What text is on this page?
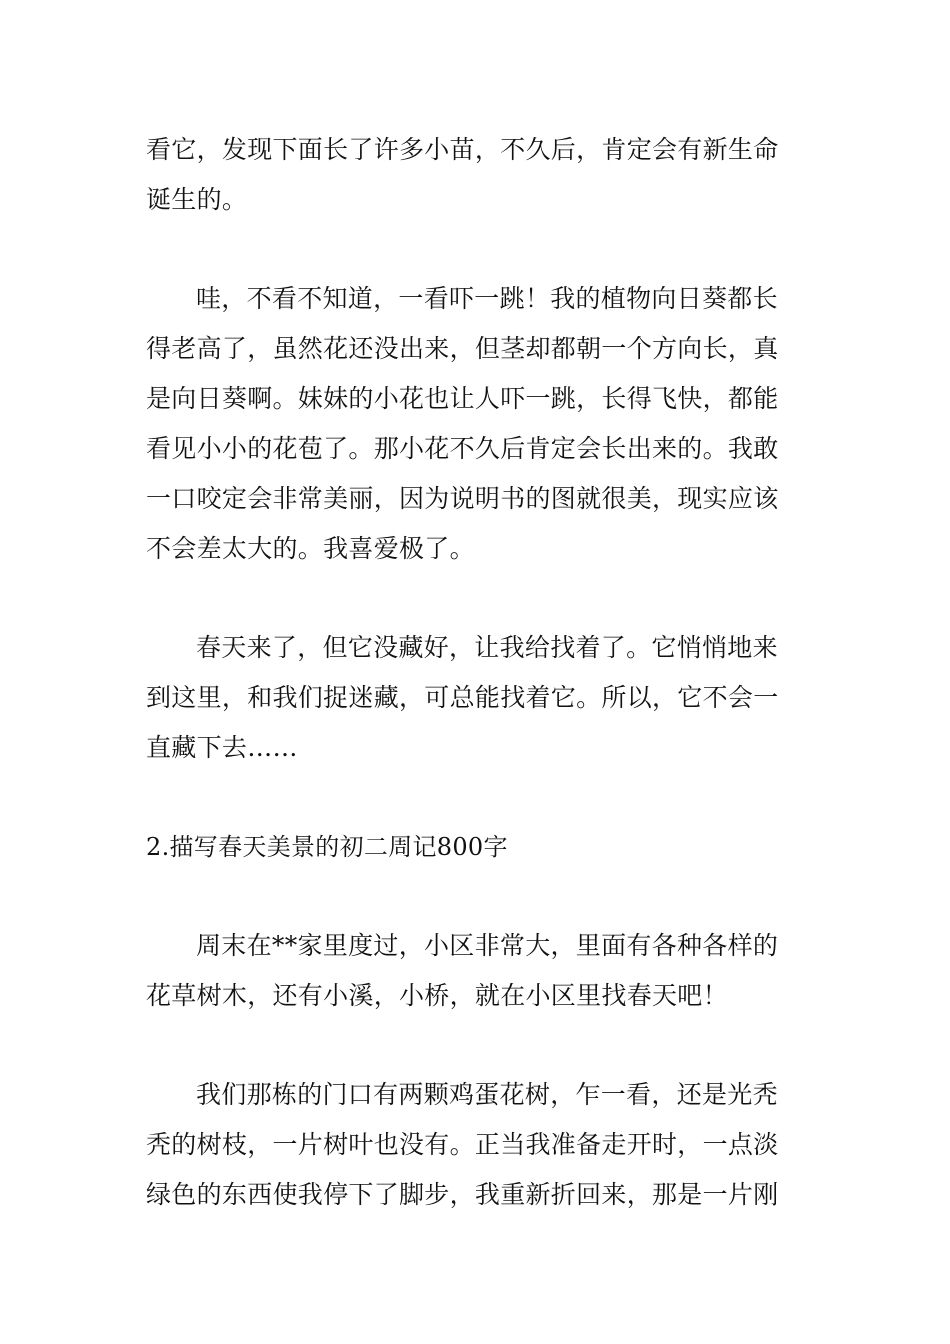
看它，发现下面长了许多小苗，不久后，肯定会有新生命
诞生的。
哇，不看不知道，一看吓一跳！我的植物向日葵都长
得老高了，虽然花还没出来，但茎却都朝一个方向长，真
是向日葵啊。妹妹的小花也让人吓一跳，长得飞快，都能
看见小小的花苞了。那小花不久后肯定会长出来的。我敢
一口咬定会非常美丽，因为说明书的图就很美，现实应该
不会差太大的。我喜爱极了。
春天来了，但它没藏好，让我给找着了。它悄悄地来
到这里，和我们捉迷藏，可总能找着它。所以，它不会一
直藏下去……
2.描写春天美景的初二周记800字
周末在**家里度过，小区非常大，里面有各种各样的
花草树木，还有小溪，小桥，就在小区里找春天吧！
我们那栋的门口有两颗鸡蛋花树，乍一看，还是光秃
秃的树枝，一片树叶也没有。正当我准备走开时，一点淡
绿色的东西使我停下了脚步，我重新折回来，那是一片刚
